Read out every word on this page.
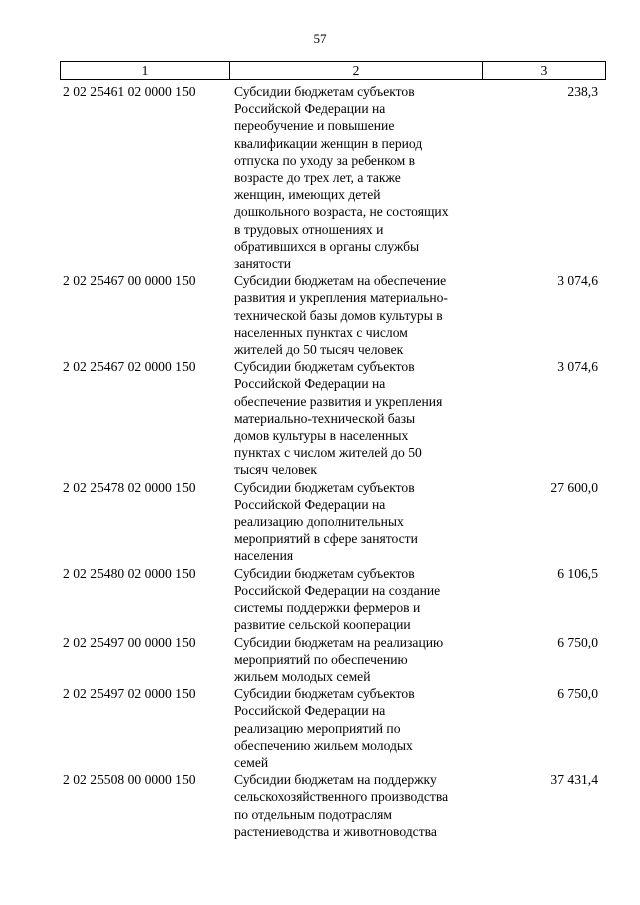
57
1	2	3
2 02 25461 02 0000 150	Субсидии бюджетам субъектов
Российской Федерации на
переобучение и повышение
квалификации женщин в период
отпуска по уходу за ребенком в
возрасте до трех лет, а также
женщин, имеющих детей
дошкольного возраста, не состоящих
в трудовых отношениях и
обратившихся в органы службы
занятости
238,3
2 02 25467 00 0000 150	Субсидии бюджетам на обеспечение
развития и укрепления материально-
технической базы домов культуры в
населенных пунктах с числом
жителей до 50 тысяч человек
3 074,6
2 02 25467 02 0000 150	Субсидии бюджетам субъектов
Российской Федерации на
обеспечение развития и укрепления
материально-технической базы
домов культуры в населенных
пунктах с числом жителей до 50
тысяч человек
3 074,6
2 02 25478 02 0000 150	Субсидии бюджетам субъектов
Российской Федерации на
реализацию дополнительных
мероприятий в сфере занятости
населения
27 600,0
2 02 25480 02 0000 150	Субсидии бюджетам субъектов
Российской Федерации на создание
системы поддержки фермеров и
развитие сельской кооперации
6 106,5
2 02 25497 00 0000 150	Субсидии бюджетам на реализацию
мероприятий по обеспечению
жильем молодых семей
6 750,0
2 02 25497 02 0000 150	Субсидии бюджетам субъектов
Российской Федерации на
реализацию мероприятий по
обеспечению жильем молодых
семей
6 750,0
2 02 25508 00 0000 150	Субсидии бюджетам на поддержку
сельскохозяйственного производства
по отдельным подотраслям
растениеводства и животноводства
37 431,4
